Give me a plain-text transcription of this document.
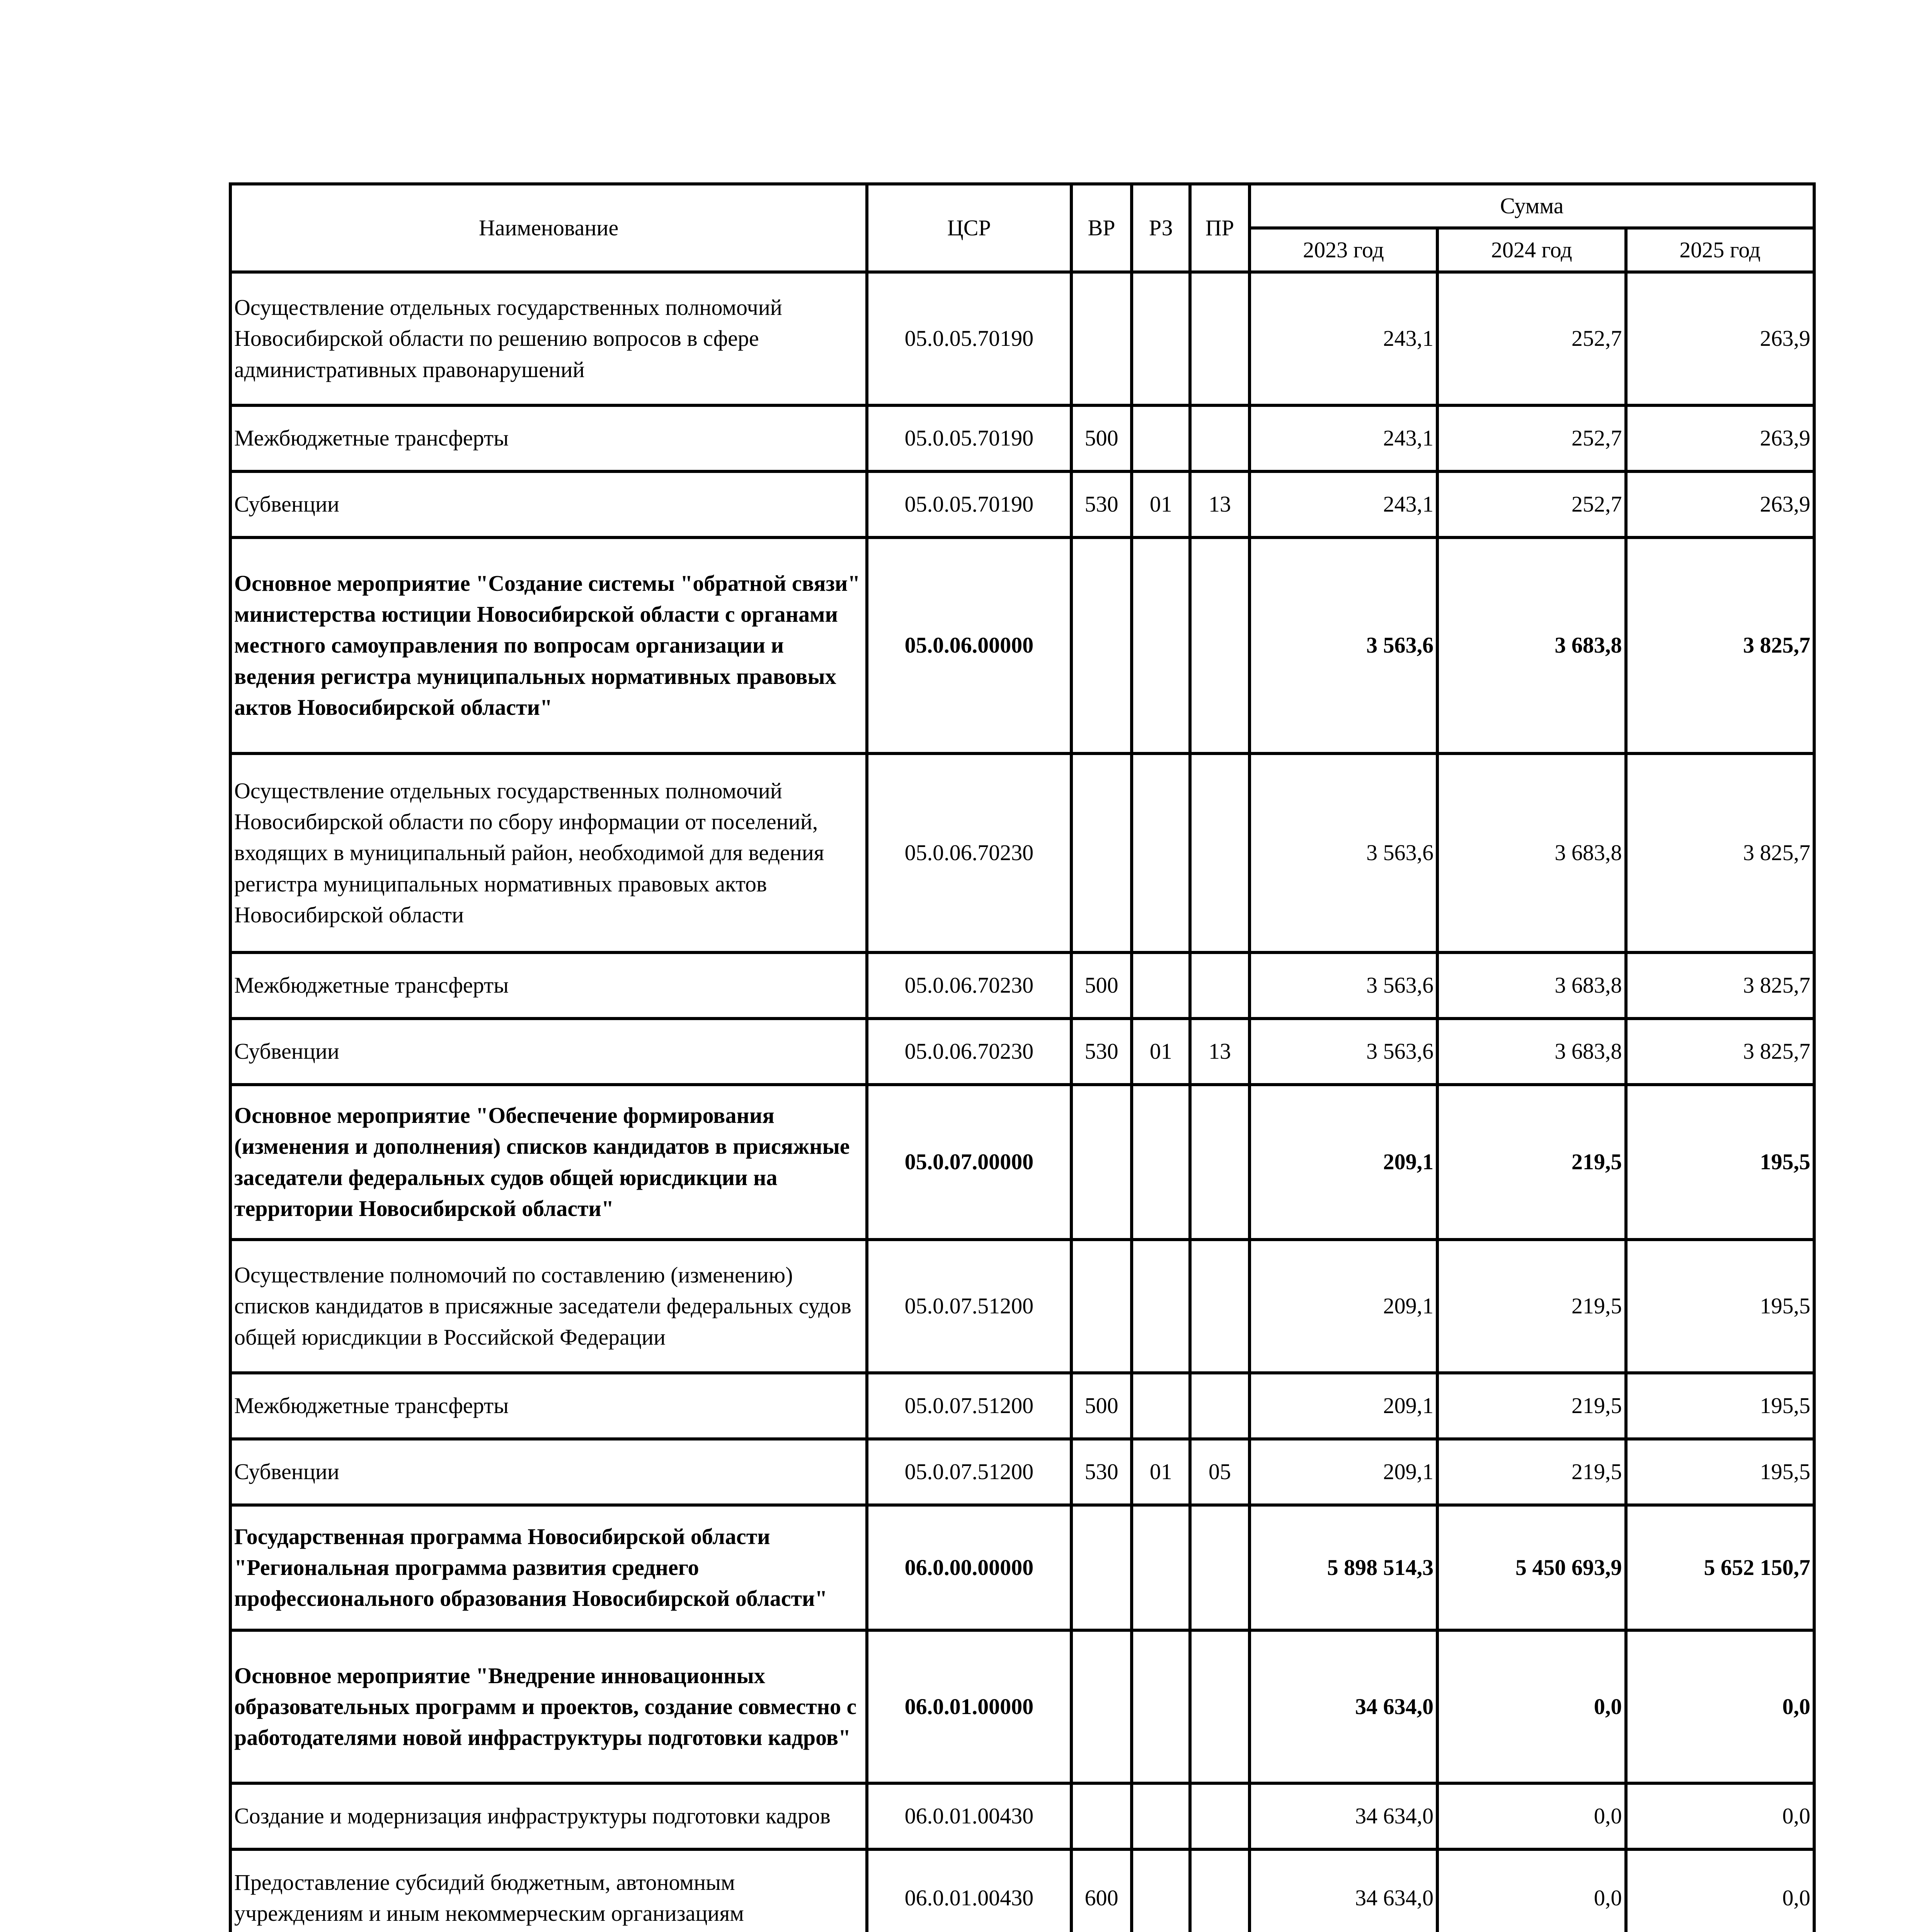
Наименование	ЦСР	ВР	РЗ	ПР	Сумма		
					2023 год	2024 год	2025 год
Осуществление отдельных государственных полномочий Новосибирской области по решению вопросов в сфере административных правонарушений	05.0.05.70190				243,1	252,7	263,9
Межбюджетные трансферты	05.0.05.70190	500			243,1	252,7	263,9
Субвенции	05.0.05.70190	530	01	13	243,1	252,7	263,9
Основное мероприятие "Создание системы "обратной связи" министерства юстиции Новосибирской области с органами местного самоуправления по вопросам организации и ведения регистра муниципальных нормативных правовых актов Новосибирской области"	05.0.06.00000				3 563,6	3 683,8	3 825,7
Осуществление отдельных государственных полномочий Новосибирской области по сбору информации от поселений, входящих в муниципальный район, необходимой для ведения регистра муниципальных нормативных правовых актов Новосибирской области	05.0.06.70230				3 563,6	3 683,8	3 825,7
Межбюджетные трансферты	05.0.06.70230	500			3 563,6	3 683,8	3 825,7
Субвенции	05.0.06.70230	530	01	13	3 563,6	3 683,8	3 825,7
Основное мероприятие "Обеспечение формирования (изменения и дополнения) списков кандидатов в присяжные заседатели федеральных судов общей юрисдикции на территории Новосибирской области"	05.0.07.00000				209,1	219,5	195,5
Осуществление полномочий по составлению (изменению) списков кандидатов в присяжные заседатели федеральных судов общей юрисдикции в Российской Федерации	05.0.07.51200				209,1	219,5	195,5
Межбюджетные трансферты	05.0.07.51200	500			209,1	219,5	195,5
Субвенции	05.0.07.51200	530	01	05	209,1	219,5	195,5
Государственная программа Новосибирской области "Региональная программа развития среднего профессионального образования Новосибирской области"	06.0.00.00000				5 898 514,3	5 450 693,9	5 652 150,7
Основное мероприятие "Внедрение инновационных образовательных программ и проектов, создание совместно с работодателями новой инфраструктуры подготовки кадров"	06.0.01.00000				34 634,0	0,0	0,0
Создание и модернизация инфраструктуры подготовки кадров	06.0.01.00430				34 634,0	0,0	0,0
Предоставление субсидий бюджетным, автономным учреждениям и иным некоммерческим организациям	06.0.01.00430	600			34 634,0	0,0	0,0
